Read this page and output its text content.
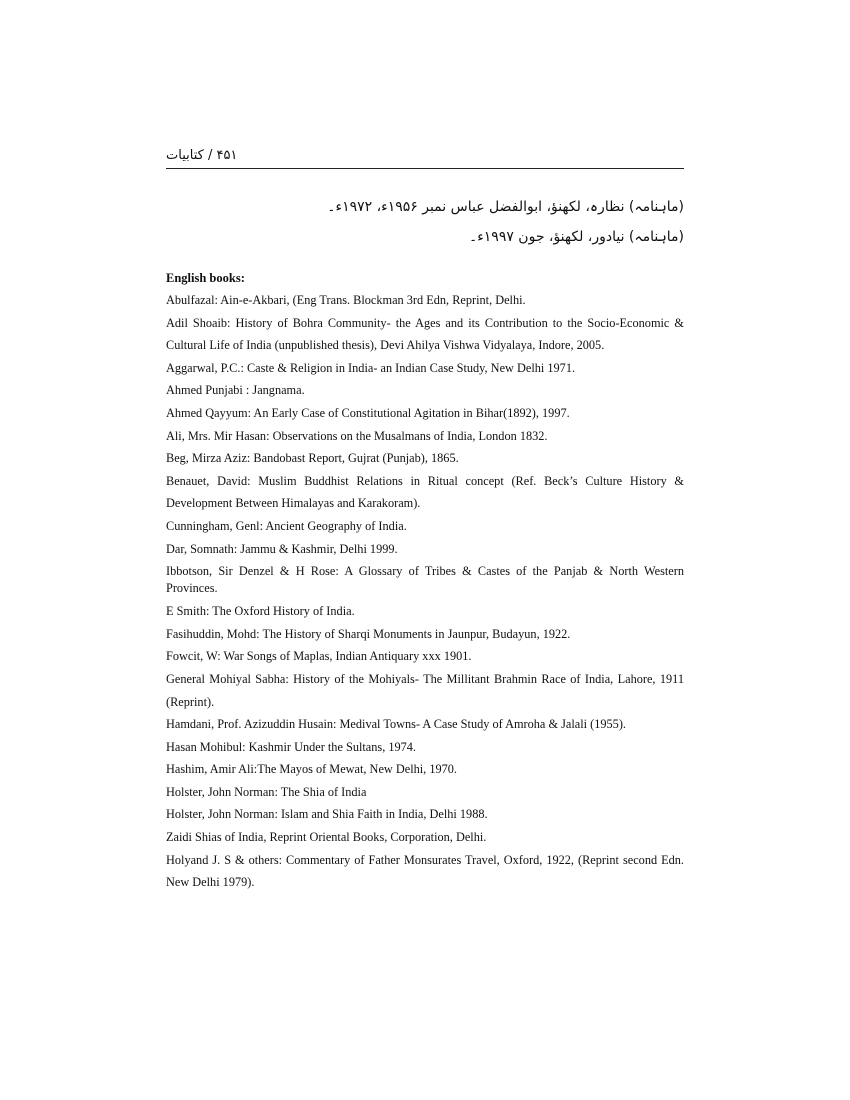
۴۵۱ / کتابیات
(ماہنامہ) نظارہ، لکھنؤ، ابوالفضل عباس نمبر ۱۹۵۶ء، ۱۹۷۲ء۔
(ماہنامہ) نیادور، لکھنؤ، جون ۱۹۹۷ء۔
English books:

Abulfazal: Ain-e-Akbari, (Eng Trans. Blockman 3rd Edn, Reprint, Delhi.

Adil Shoaib: History of Bohra Community- the Ages and its Contribution to the Socio-Economic & Cultural Life of India (unpublished thesis), Devi Ahilya Vishwa Vidyalaya, Indore, 2005.

Aggarwal, P.C.: Caste & Religion in India- an Indian Case Study, New Delhi 1971.

Ahmed Punjabi : Jangnama.

Ahmed Qayyum: An Early Case of Constitutional Agitation in Bihar(1892), 1997.

Ali, Mrs. Mir Hasan: Observations on the Musalmans of India, London 1832.

Beg, Mirza Aziz: Bandobast Report, Gujrat (Punjab), 1865.

Benauet, David: Muslim Buddhist Relations in Ritual concept (Ref. Beck’s Culture History & Development Between Himalayas and Karakoram).

Cunningham, Genl: Ancient Geography of India.

Dar, Somnath: Jammu & Kashmir, Delhi 1999.

Ibbotson, Sir Denzel & H Rose: A Glossary of Tribes & Castes of the Panjab & North Western Provinces.

E Smith: The Oxford History of India.

Fasihuddin, Mohd: The History of Sharqi Monuments in Jaunpur, Budayun, 1922.

Fowcit, W: War Songs of Maplas, Indian Antiquary xxx 1901.

General Mohiyal Sabha: History of the Mohiyals- The Millitant Brahmin Race of India, Lahore, 1911 (Reprint).

Hamdani, Prof. Azizuddin Husain: Medival Towns- A Case Study of Amroha & Jalali (1955).

Hasan Mohibul: Kashmir Under the Sultans, 1974.

Hashim, Amir Ali:The Mayos of Mewat, New Delhi, 1970.

Holster, John Norman: The Shia of India

Holster, John Norman: Islam and Shia Faith in India, Delhi 1988.

Zaidi Shias of India, Reprint Oriental Books, Corporation, Delhi.

Holyand J. S & others: Commentary of Father Monsurates Travel, Oxford, 1922, (Reprint second Edn. New Delhi 1979).
